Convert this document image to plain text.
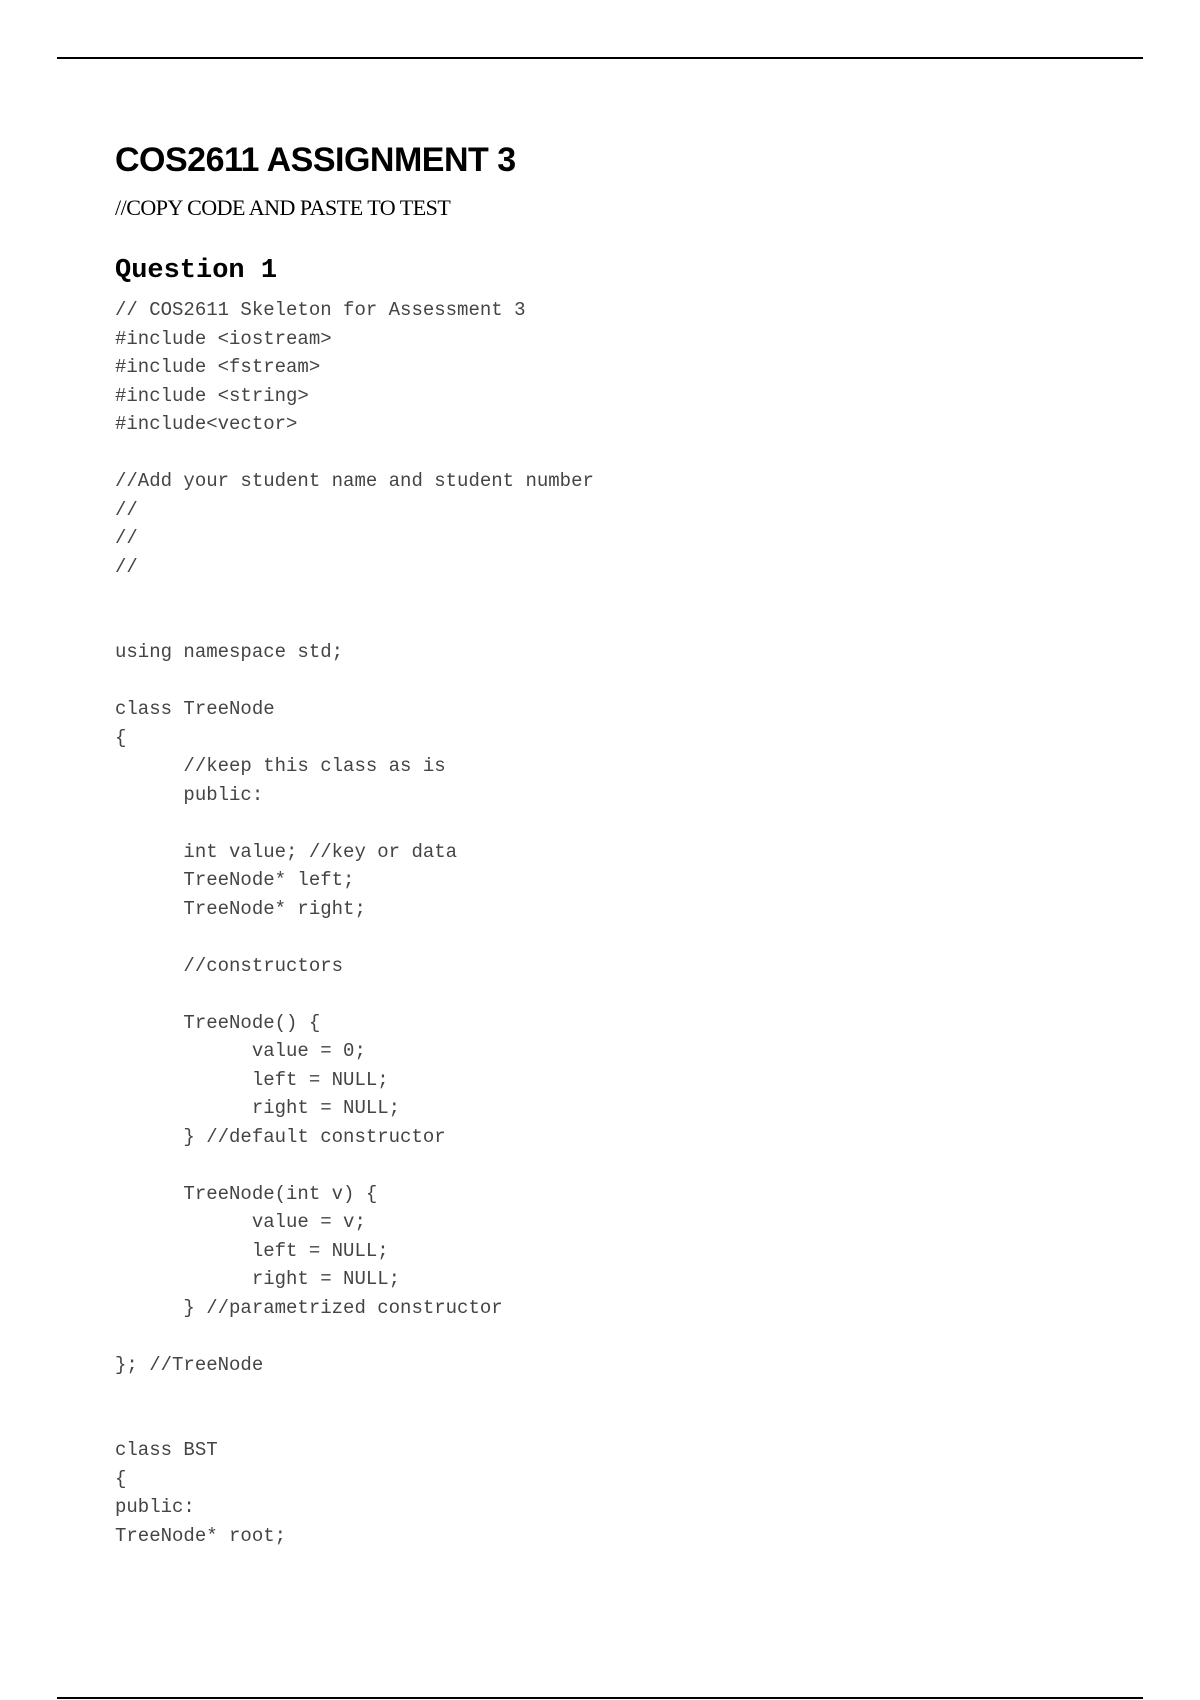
COS2611 ASSIGNMENT 3

//COPY CODE AND PASTE TO TEST

Question 1
// COS2611 Skeleton for Assessment 3
#include <iostream>
#include <fstream>
#include <string>
#include<vector>
//Add your student name and student number
//
//
//
using namespace std;
class TreeNode
{
//keep this class as is
public:
int value; //key or data
TreeNode* left;
TreeNode* right;
//constructors
TreeNode() {
value = 0;
left = NULL;
right = NULL;
} //default constructor
TreeNode(int v) {
value = v;
left = NULL;
right = NULL;
} //parametrized constructor
}; //TreeNode
class BST
{
public:
TreeNode* root;
